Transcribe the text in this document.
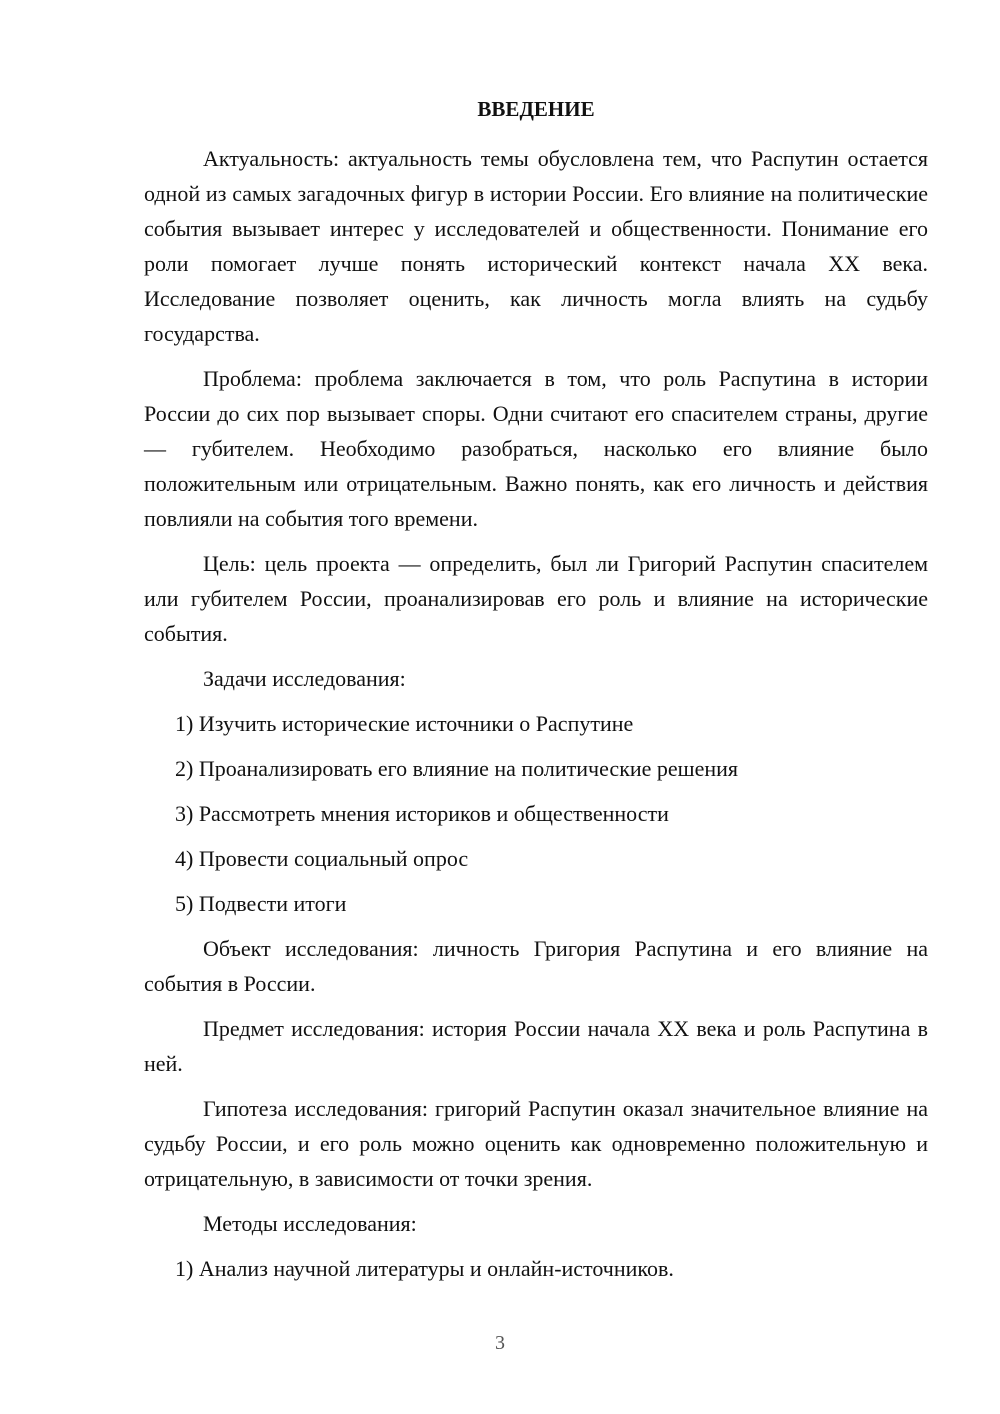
ВВЕДЕНИЕ

Актуальность: актуальность темы обусловлена тем, что Распутин остается одной из самых загадочных фигур в истории России. Его влияние на политические события вызывает интерес у исследователей и общественности. Понимание его роли помогает лучше понять исторический контекст начала XX века. Исследование позволяет оценить, как личность могла влиять на судьбу государства.

Проблема: проблема заключается в том, что роль Распутина в истории России до сих пор вызывает споры. Одни считают его спасителем страны, другие — губителем. Необходимо разобраться, насколько его влияние было положительным или отрицательным. Важно понять, как его личность и действия повлияли на события того времени.

Цель: цель проекта — определить, был ли Григорий Распутин спасителем или губителем России, проанализировав его роль и влияние на исторические события.

Задачи исследования:

1) Изучить исторические источники о Распутине

2) Проанализировать его влияние на политические решения

3) Рассмотреть мнения историков и общественности

4) Провести социальный опрос

5) Подвести итоги

Объект исследования: личность Григория Распутина и его влияние на события в России.

Предмет исследования: история России начала XX века и роль Распутина в ней.

Гипотеза исследования: григорий Распутин оказал значительное влияние на судьбу России, и его роль можно оценить как одновременно положительную и отрицательную, в зависимости от точки зрения.

Методы исследования:

1) Анализ научной литературы и онлайн-источников.

3
